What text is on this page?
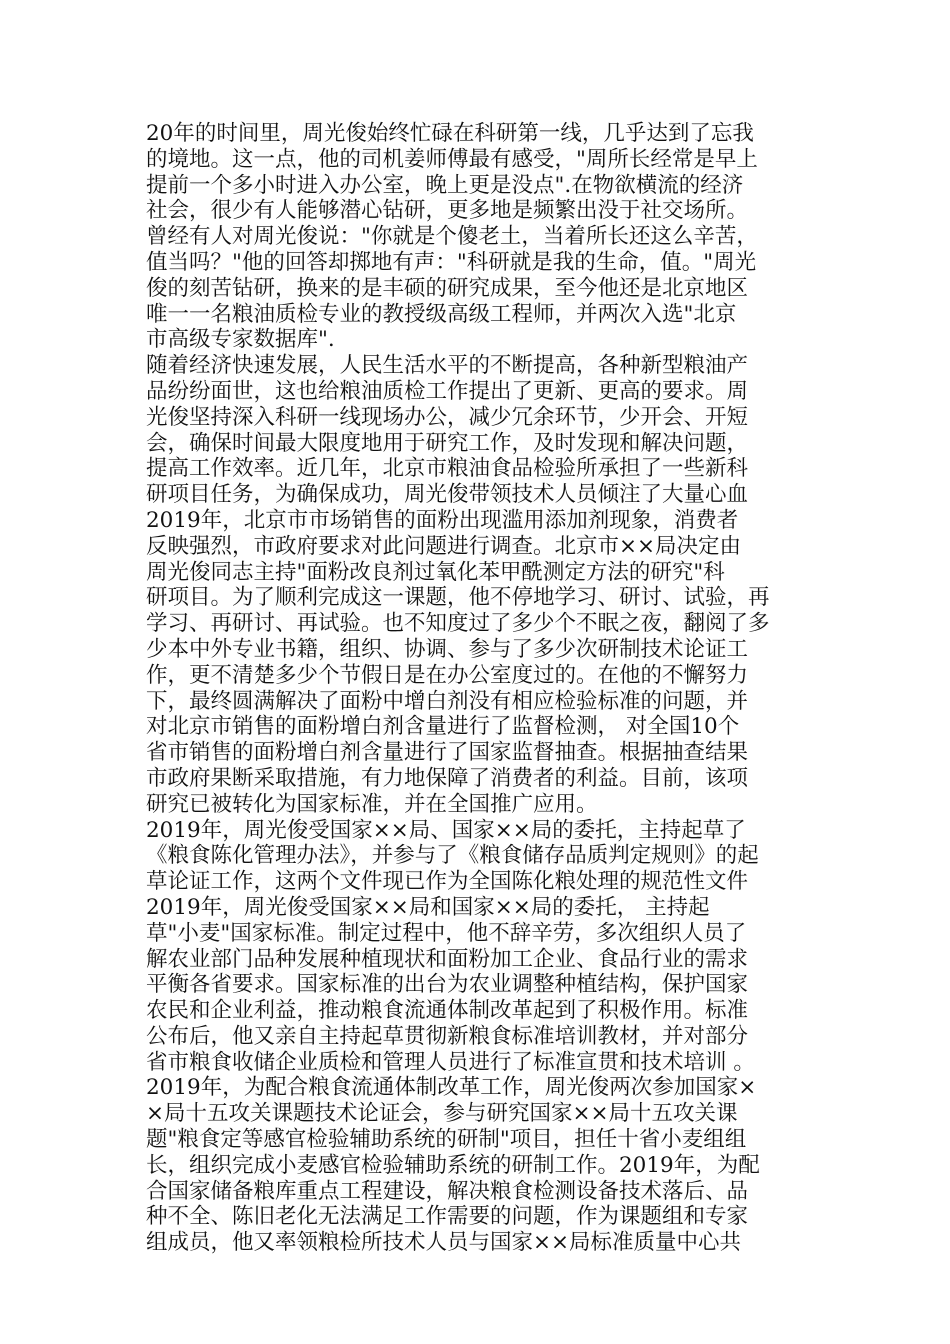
20年的时间里，周光俊始终忙碌在科研第一线，几乎达到了忘我
的境地。这一点，他的司机姜师傅最有感受，"周所长经常是早上
提前一个多小时进入办公室，晚上更是没点".在物欲横流的经济
社会，很少有人能够潜心钻研，更多地是频繁出没于社交场所。
曾经有人对周光俊说："你就是个傻老土，当着所长还这么辛苦，
值当吗？"他的回答却掷地有声："科研就是我的生命，值。"周光
俊的刻苦钻研，换来的是丰硕的研究成果，至今他还是北京地区
唯一一名粮油质检专业的教授级高级工程师，并两次入选"北京
市高级专家数据库".
随着经济快速发展，人民生活水平的不断提高，各种新型粮油产
品纷纷面世，这也给粮油质检工作提出了更新、更高的要求。周
光俊坚持深入科研一线现场办公，减少冗余环节，少开会、开短
会，确保时间最大限度地用于研究工作，及时发现和解决问题，
提高工作效率。近几年，北京市粮油食品检验所承担了一些新科
研项目任务，为确保成功，周光俊带领技术人员倾注了大量心血
2019年，北京市市场销售的面粉出现滥用添加剂现象，消费者
反映强烈，市政府要求对此问题进行调查。北京市××局决定由
周光俊同志主持"面粉改良剂过氧化苯甲酰测定方法的研究"科
研项目。为了顺利完成这一课题，他不停地学习、研讨、试验，再
学习、再研讨、再试验。也不知度过了多少个不眠之夜，翻阅了多
少本中外专业书籍，组织、协调、参与了多少次研制技术论证工
作，更不清楚多少个节假日是在办公室度过的。在他的不懈努力
下，最终圆满解决了面粉中增白剂没有相应检验标准的问题，并
对北京市销售的面粉增白剂含量进行了监督检测， 对全国10个
省市销售的面粉增白剂含量进行了国家监督抽查。根据抽查结果
市政府果断采取措施，有力地保障了消费者的利益。目前，该项
研究已被转化为国家标准，并在全国推广应用。
2019年，周光俊受国家××局、国家××局的委托，主持起草了
《粮食陈化管理办法》，并参与了《粮食储存品质判定规则》的起
草论证工作，这两个文件现已作为全国陈化粮处理的规范性文件
2019年，周光俊受国家××局和国家××局的委托， 主持起
草"小麦"国家标准。制定过程中，他不辞辛劳，多次组织人员了
解农业部门品种发展种植现状和面粉加工企业、食品行业的需求
平衡各省要求。国家标准的出台为农业调整种植结构，保护国家
农民和企业利益，推动粮食流通体制改革起到了积极作用。标准
公布后，他又亲自主持起草贯彻新粮食标准培训教材，并对部分
省市粮食收储企业质检和管理人员进行了标准宣贯和技术培训 。
2019年，为配合粮食流通体制改革工作，周光俊两次参加国家×
×局十五攻关课题技术论证会，参与研究国家××局十五攻关课
题"粮食定等感官检验辅助系统的研制"项目，担任十省小麦组组
长，组织完成小麦感官检验辅助系统的研制工作。2019年，为配
合国家储备粮库重点工程建设，解决粮食检测设备技术落后、品
种不全、陈旧老化无法满足工作需要的问题，作为课题组和专家
组成员，他又率领粮检所技术人员与国家××局标准质量中心共
